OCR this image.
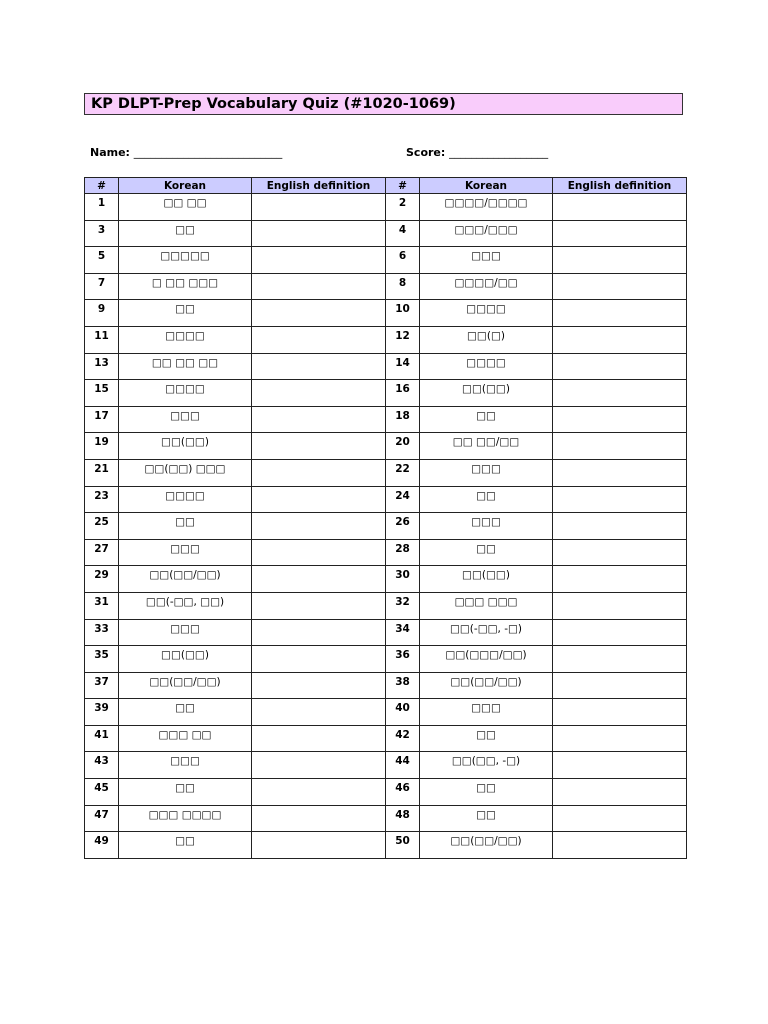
KP DLPT-Prep Vocabulary Quiz (#1020-1069)
Name: ___________________________	Score: __________________
#	Korean	English definition	#	Korean	English definition
1	□□ □□		2	□□□□/□□□□	
3	□□		4	□□□/□□□	
5	□□□□□		6	□□□	
7	□ □□ □□□		8	□□□□/□□	
9	□□		10	□□□□	
11	□□□□		12	□□(□)	
13	□□ □□ □□		14	□□□□	
15	□□□□		16	□□(□□)	
17	□□□		18	□□	
19	□□(□□)		20	□□ □□/□□	
21	□□(□□) □□□		22	□□□	
23	□□□□		24	□□	
25	□□		26	□□□	
27	□□□		28	□□	
29	□□(□□/□□)		30	□□(□□)	
31	□□(-□□, □□)		32	□□□ □□□	
33	□□□		34	□□(-□□, -□)	
35	□□(□□)		36	□□(□□□/□□)	
37	□□(□□/□□)		38	□□(□□/□□)	
39	□□		40	□□□	
41	□□□ □□		42	□□	
43	□□□		44	□□(□□, -□)	
45	□□		46	□□	
47	□□□ □□□□		48	□□	
49	□□		50	□□(□□/□□)	
